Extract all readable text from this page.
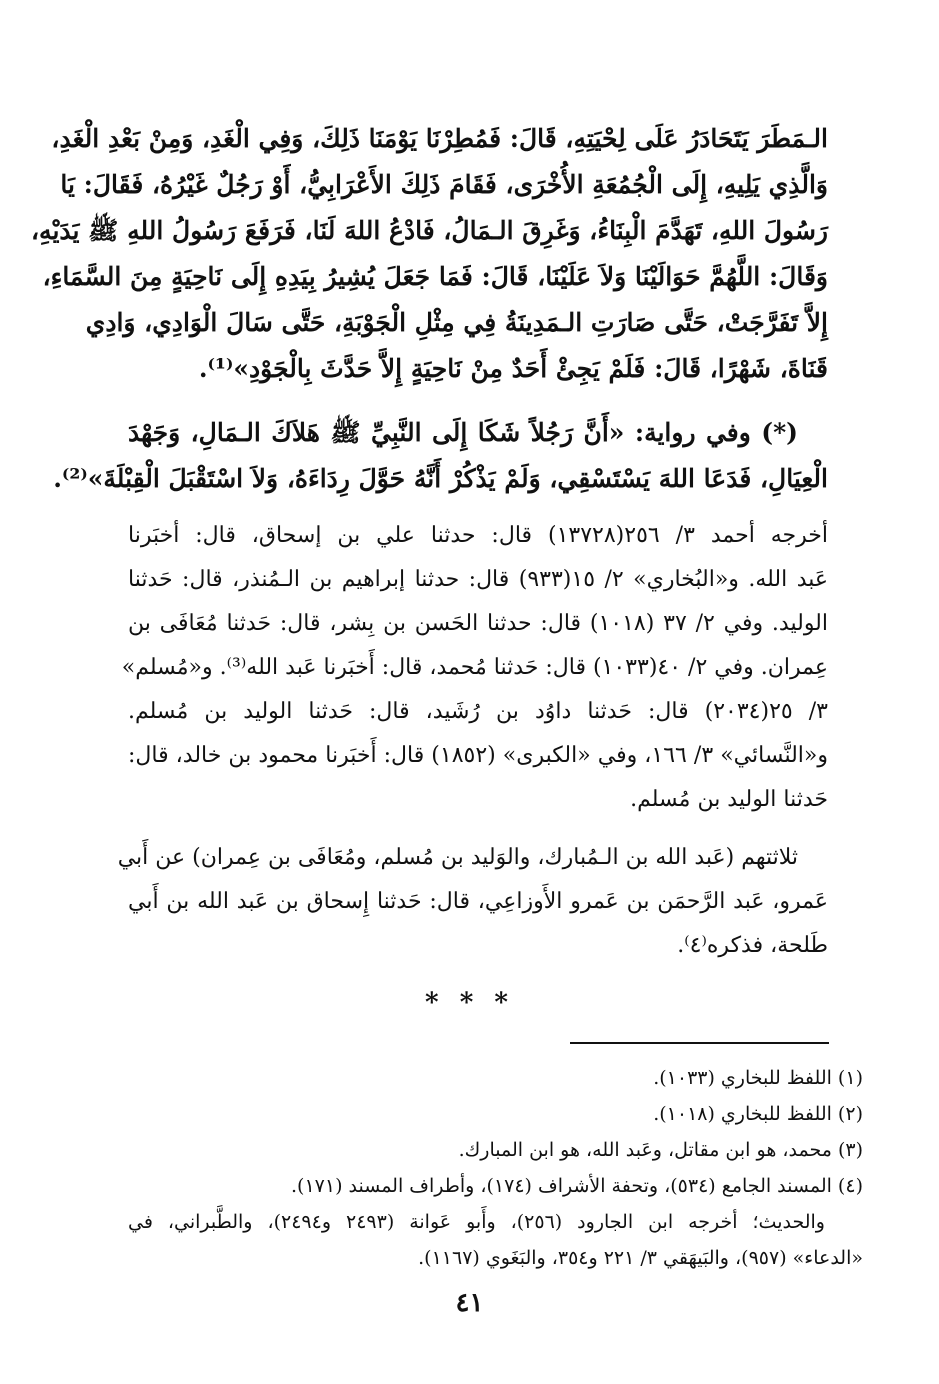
الـمَطَرَ يَتَحَادَرُ عَلَى لِحْيَتِهِ، قَالَ: فَمُطِرْنَا يَوْمَنَا ذَلِكَ، وَفِي الْغَدِ، وَمِنْ بَعْدِ الْغَدِ،
وَالَّذِي يَلِيهِ، إِلَى الْجُمُعَةِ الأُخْرَى، فَقَامَ ذَلِكَ الأَعْرَابِيُّ، أَوْ رَجُلٌ غَيْرُهُ، فَقَالَ: يَا
رَسُولَ اللهِ، تَهَدَّمَ الْبِنَاءُ، وَغَرِقَ الـمَالُ، فَادْعُ اللهَ لَنَا، فَرَفَعَ رَسُولُ اللهِ ﷺ يَدَيْهِ،
وَقَالَ: اللَّهُمَّ حَوَالَيْنَا وَلاَ عَلَيْنَا، قَالَ: فَمَا جَعَلَ يُشِيرُ بِيَدِهِ إِلَى نَاحِيَةٍ مِنَ السَّمَاءِ،
إِلاَّ تَفَرَّجَتْ، حَتَّى صَارَتِ الـمَدِينَةُ فِي مِثْلِ الْجَوْبَةِ، حَتَّى سَالَ الْوَادِي، وَادِي
قَنَاةَ، شَهْرًا، قَالَ: فَلَمْ يَجِئْ أَحَدٌ مِنْ نَاحِيَةٍ إِلاَّ حَدَّثَ بِالْجَوْدِ»⁽¹⁾.
(*) وفي رواية: «أَنَّ رَجُلاً شَكَا إِلَى النَّبِيِّ ﷺ هَلاَكَ الـمَالِ، وَجَهْدَ
الْعِيَالِ، فَدَعَا اللهَ يَسْتَسْقِي، وَلَمْ يَذْكُرْ أَنَّهُ حَوَّلَ رِدَاءَهُ، وَلاَ اسْتَقْبَلَ الْقِبْلَةَ»⁽²⁾.
أخرجه أحمد ٣/ ٢٥٦(١٣٧٢٨) قال: حدثنا علي بن إسحاق، قال: أخبَرنا
عَبد الله. و«البُخاري» ٢/ ١٥(٩٣٣) قال: حدثنا إبراهيم بن الـمُنذر، قال: حَدثنا
الوليد. وفي ٢/ ٣٧ (١٠١٨) قال: حدثنا الحَسن بن بِشر، قال: حَدثنا مُعَافَى بن
عِمران. وفي ٢/ ٤٠(١٠٣٣) قال: حَدثنا مُحمد، قال: أَخبَرنا عَبد الله⁽³⁾. و«مُسلم»
٣/ ٢٥(٢٠٣٤) قال: حَدثنا داوُد بن رُشَيد، قال: حَدثنا الوليد بن مُسلم.
و«النَّسائي» ٣/ ١٦٦، وفي «الكبرى» (١٨٥٢) قال: أَخبَرنا محمود بن خالد، قال:
حَدثنا الوليد بن مُسلم.
ثلاثتهم (عَبد الله بن الـمُبارك، والوَليد بن مُسلم، ومُعَافَى بن عِمران) عن أَبي
عَمرو، عَبد الرَّحمَن بن عَمرو الأَوزاعِي، قال: حَدثنا إِسحاق بن عَبد الله بن أَبي
طَلحة، فذكره⁽٤⁾.
* * *
(١) اللفظ للبخاري (١٠٣٣).
(٢) اللفظ للبخاري (١٠١٨).
(٣) محمد، هو ابن مقاتل، وعَبد الله، هو ابن المبارك.
(٤) المسند الجامع (٥٣٤)، وتحفة الأشراف (١٧٤)، وأطراف المسند (١٧١).
والحديث؛ أخرجه ابن الجارود (٢٥٦)، وأَبو عَوانة (٢٤٩٣ و٢٤٩٤)، والطَّبراني، في
«الدعاء» (٩٥٧)، والبَيهَقي ٣/ ٢٢١ و٣٥٤، والبَغَوي (١١٦٧).
٤١
